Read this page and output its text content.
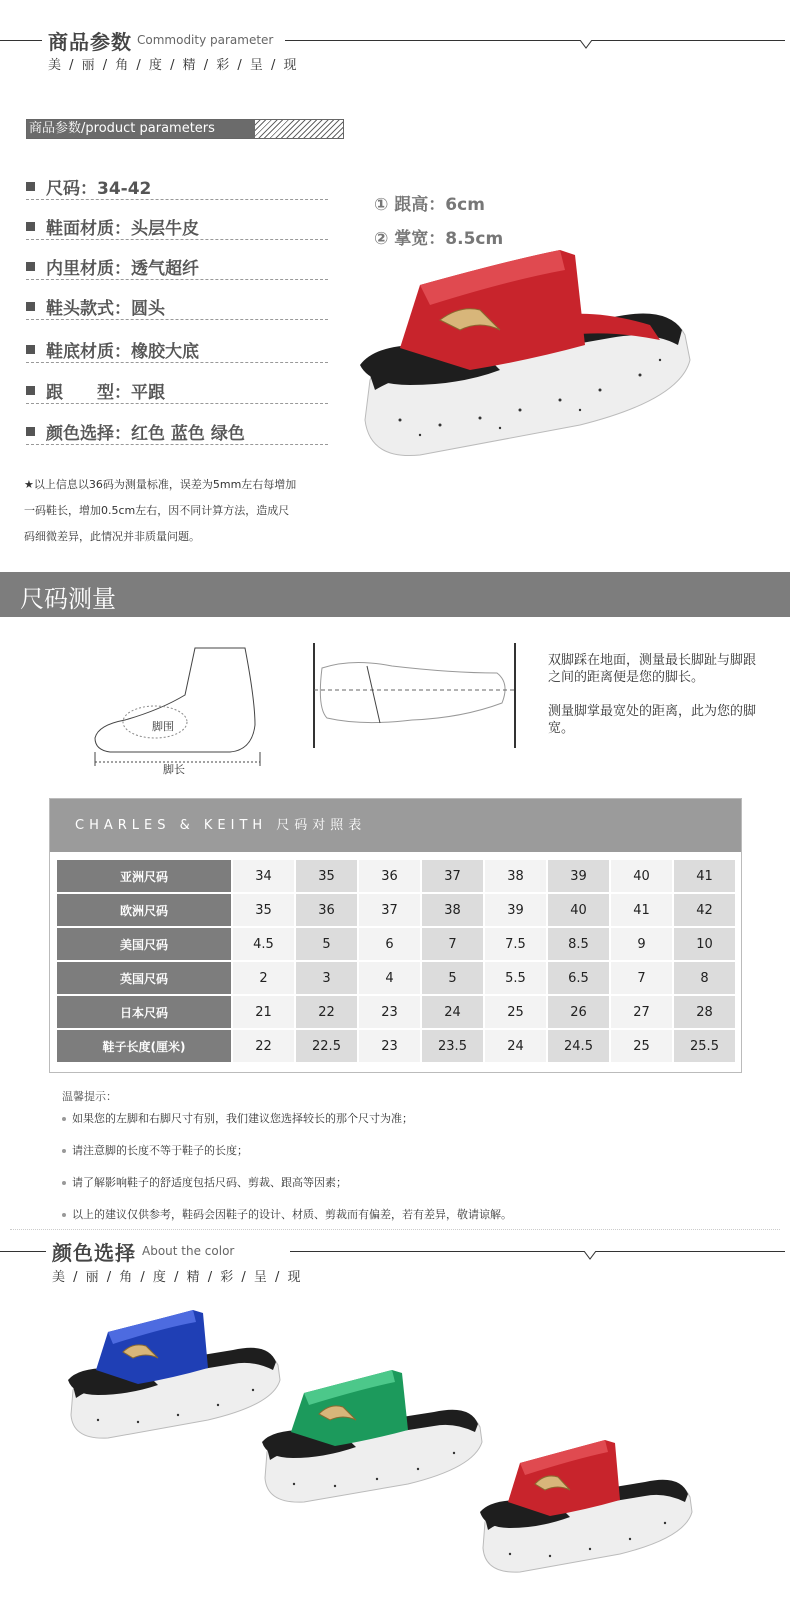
商品参数 Commodity parameter
美 / 丽 / 角 / 度 / 精 / 彩 / 呈 / 现
商品参数/product parameters
尺码：34-42
鞋面材质：头层牛皮
内里材质：透气超纤
鞋头款式：圆头
鞋底材质：橡胶大底
跟　　型：平跟
颜色选择：红色 蓝色 绿色
★以上信息以36码为测量标准，误差为5mm左右每增加
一码鞋长，增加0.5cm左右，因不同计算方法，造成尺
码细微差异，此情况并非质量问题。
① 跟高：6cm
② 掌宽：8.5cm
尺码测量
脚围
脚长
双脚踩在地面，测量最长脚趾与脚跟之间的距离便是您的脚长。
测量脚掌最宽处的距离，此为您的脚宽。
CHARLES & KEITH 尺码对照表
亚洲尺码	34	35	36	37	38	39	40	41
欧洲尺码	35	36	37	38	39	40	41	42
美国尺码	4.5	5	6	7	7.5	8.5	9	10
英国尺码	2	3	4	5	5.5	6.5	7	8
日本尺码	21	22	23	24	25	26	27	28
鞋子长度(厘米)	22	22.5	23	23.5	24	24.5	25	25.5
温馨提示：
如果您的左脚和右脚尺寸有别，我们建议您选择较长的那个尺寸为准；
请注意脚的长度不等于鞋子的长度；
请了解影响鞋子的舒适度包括尺码、剪裁、跟高等因素；
以上的建议仅供参考，鞋码会因鞋子的设计、材质、剪裁而有偏差，若有差异，敬请谅解。
颜色选择 About the color
美 / 丽 / 角 / 度 / 精 / 彩 / 呈 / 现
